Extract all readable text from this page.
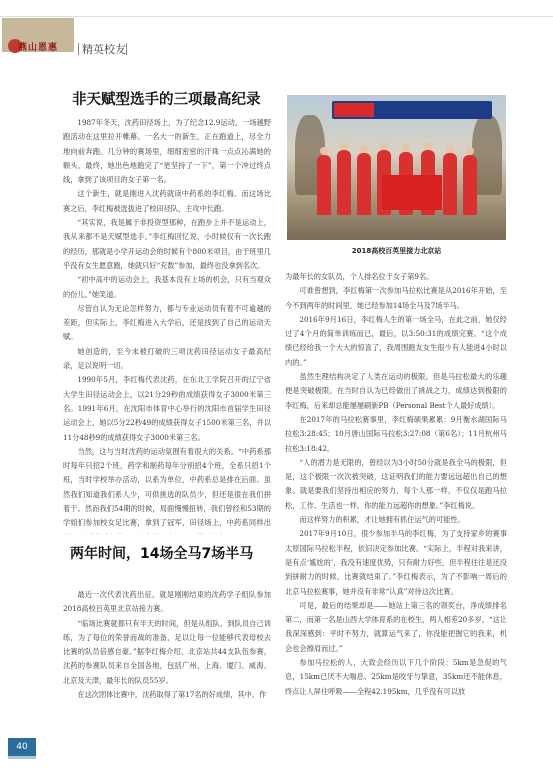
燕山恩惠 精英校友
非天赋型选手的三项最高纪录

1987年冬天，沈药田径场上，为了纪念12.9运动，一场越野跑活动在这里拉开帷幕。一名大一的新生，正在跑道上，尽全力地向前奔跑。几分钟的赛场里，细细密密的汗珠一点点沁满她的额头。最终，她出色地跑完了“更坚持了一下”，第一个冲过终点线，拿到了该项目的女子第一名。

这个新生，就是刚进入沈药就读中药系的李红梅。而这场比赛之后，李红梅被选拔进了校田径队，主攻中长跑。

“其实说，我是属于非投资型那种，在跑步上并不是运动上，我从来都不是天赋型选手。”李红梅回忆说，小时候仅有一次长跑的经历，那就是小学开运动会的时候有个800米项目，由于班里几乎没有女生愿意跑，她就只好“充数”参加，最终也没拿到名次。

“初中高中的运动会上，我基本没有上场的机会，只有当观众的份儿。”她笑道。

尽管自认为无论怎样努力，都与专业运动员有着不可逾越的差距，但实际上，李红梅进入大学后，还是找到了自己的运动天赋。

她创造的，至今未被打破的三项沈药田径运动女子最高纪录，足以说明一切。

1990年5月，李红梅代表沈药，在东北工学院召开的辽宁省大学生田径运动会上，以21分29秒的成绩获得女子3000米第三名。1991年6月，在沈阳市体育中心举行的沈阳市首届学生田径运动会上，她以5分22秒49的成绩获得女子1500米第三名，并以11分48秒9的成绩获得女子3000米第三名。

当然，这与当时沈药的运动氛围有着很大的关系。“中药系那时每年只招2个班，药学和制药每年分别招4个班，全系只招1个班，当时学校举办活动，以系为单位，中药系总是排在后面。虽然我们知道我们系人少，可供挑选的队员少，但还是很在我们拼着干。然而我们54期的时候，局面慢慢扭转，我们曾经和53期的学姐们参加校女足比赛，拿到了冠军，田径场上，中药系同样出

两年时间，14场全马7场半马

最近一次代表沈药出征，就是刚刚结束的沈药学子组队参加2018高校百英里北京站接力赛。

“临场比赛就都只有半天的时间，但是从组队、到队员自己训练，为了每位的荣誉而战的准备，足以让每一位能够代表母校去比赛的队员倍感自豪。”据李红梅介绍，北京站共44支队伍参赛，沈药的参赛队员来自全国各地，包括广州、上海、厦门、威海、北京及天津，最年长的队员55岁。

在这次团体比赛中，沈药取得了第17名的好成绩，其中，作

2018高校百英里接力北京站

为最年长的女队员，个人排名位于女子第9名。

可谁曾想到，李红梅第一次参加马拉松比赛是从2016年开始，至今不到两年的时间里，她已经参加14场全马及7场半马。

2016年9月16日，李红梅人生的第一场全马，在此之前，她仅经过了4个月的简单训练而已，最后，以3:50:31的成绩完赛。“这个成绩已经给我一个大大的惊喜了，我周围跑友女生很少有人能进4小时以内的。”

虽然生理结构决定了人类在运动的极限，但是马拉松最大的乐趣便是突破极限。在当时自认为已经做出了挑战之力，成绩达到极限的李红梅，后来却总能屡屡刷新PB（Personal Best个人最好成绩）。

在2017年的马拉松赛事里，李红梅硕果累累：9月衡水湖国际马拉松3:28:45；10月唐山国际马拉松3:27:08（第6名）；11月杭州马拉松3:18:42。

“人的潜力是无限的，曾经以为3小时50分就是我全马的极限，但是，这个极限一次次被突破，这证明我们的能力要远远超出自己的想象。就是要我们坚持出相应的努力，每个人那一样，不仅仅是跑马拉松，工作、生活也一样，你的能力远超你的想象。”李红梅说。

而这样努力的积累，才让她拥有抓住运气的可能性。

2017年9月10日，很少参加半马的李红梅，为了支持家乡的赛事太原国际马拉松半程，依旧决定参加比赛。“实际上，半程对我来讲，是有点‘尴尬的’，我没有速度优势，只有耐力好些，但半程往往是还没到拼耐力的时候，比赛就结束了。”李红梅表示，为了不影响一周后的北京马拉松赛事，她并没有非常“认真”对待这次比赛。

可是，最后的结果却是——她站上第三名的领奖台，净成绩排名第二，而第一名是山西大学体育系的在校生，两人相差20多岁。“这让我深深感到：平时不努力，就算运气来了，你没能把握它的我来，机会也会擦肩而过。”

参加马拉松的人，大致会经历以下几个阶段：5km是急促的气息，15km已厌不大喘息、25km是咬牙与挚意，35km还不能休息，终点让人屏住呼吸——全程42.195km，几乎没有可以放

40
